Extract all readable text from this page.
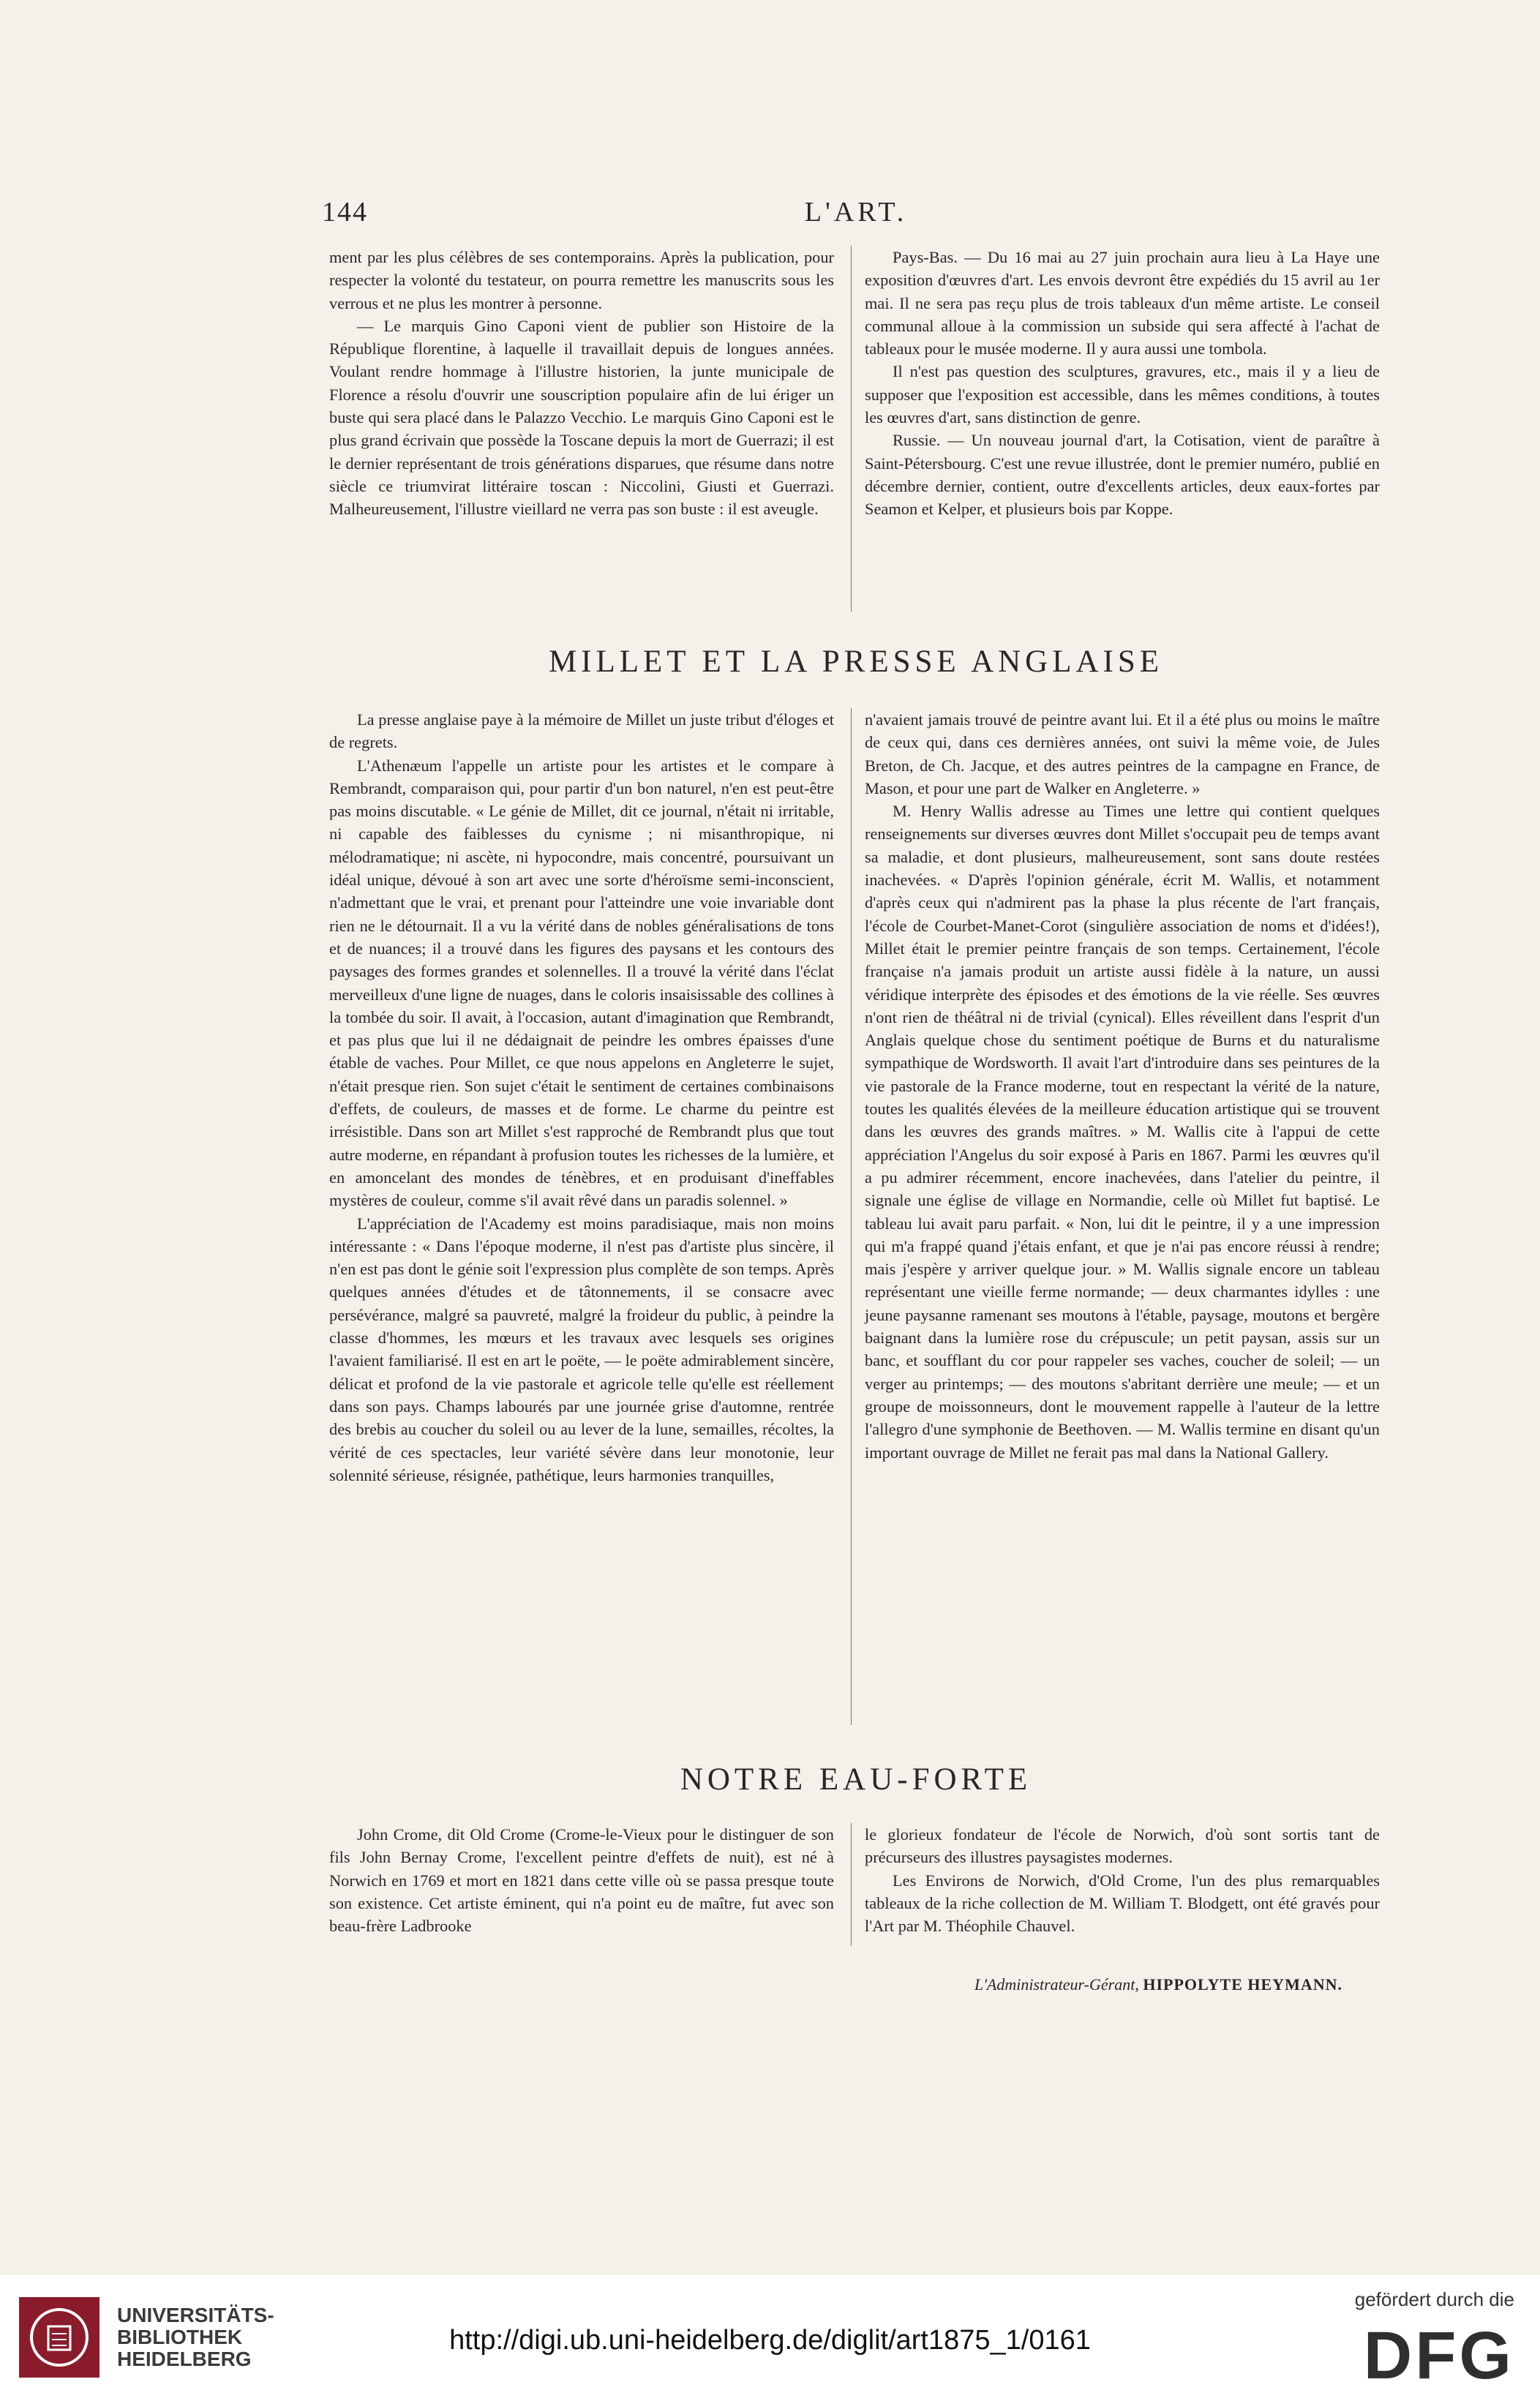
144	L'ART.

ment par les plus célèbres de ses contemporains. Après la publication, pour respecter la volonté du testateur, on pourra remettre les manuscrits sous les verrous et ne plus les montrer à personne.

— Le marquis Gino Caponi vient de publier son Histoire de la République florentine, à laquelle il travaillait depuis de longues années. Voulant rendre hommage à l'illustre historien, la junte municipale de Florence a résolu d'ouvrir une souscription populaire afin de lui ériger un buste qui sera placé dans le Palazzo Vecchio. Le marquis Gino Caponi est le plus grand écrivain que possède la Toscane depuis la mort de Guerrazi; il est le dernier représentant de trois générations disparues, que résume dans notre siècle ce triumvirat littéraire toscan : Niccolini, Giusti et Guerrazi. Malheureusement, l'illustre vieillard ne verra pas son buste : il est aveugle.

Pays-Bas. — Du 16 mai au 27 juin prochain aura lieu à La Haye une exposition d'œuvres d'art. Les envois devront être expédiés du 15 avril au 1er mai. Il ne sera pas reçu plus de trois tableaux d'un même artiste. Le conseil communal alloue à la commission un subside qui sera affecté à l'achat de tableaux pour le musée moderne. Il y aura aussi une tombola.

Il n'est pas question des sculptures, gravures, etc., mais il y a lieu de supposer que l'exposition est accessible, dans les mêmes conditions, à toutes les œuvres d'art, sans distinction de genre.

Russie. — Un nouveau journal d'art, la Cotisation, vient de paraître à Saint-Pétersbourg. C'est une revue illustrée, dont le premier numéro, publié en décembre dernier, contient, outre d'excellents articles, deux eaux-fortes par Seamon et Kelper, et plusieurs bois par Koppe.

MILLET ET LA PRESSE ANGLAISE

La presse anglaise paye à la mémoire de Millet un juste tribut d'éloges et de regrets.

L'Athenæum l'appelle un artiste pour les artistes et le compare à Rembrandt, comparaison qui, pour partir d'un bon naturel, n'en est peut-être pas moins discutable. « Le génie de Millet, dit ce journal, n'était ni irritable, ni capable des faiblesses du cynisme ; ni misanthropique, ni mélodramatique; ni ascète, ni hypocondre, mais concentré, poursuivant un idéal unique, dévoué à son art avec une sorte d'héroïsme semi-inconscient, n'admettant que le vrai, et prenant pour l'atteindre une voie invariable dont rien ne le détournait. Il a vu la vérité dans de nobles généralisations de tons et de nuances; il a trouvé dans les figures des paysans et les contours des paysages des formes grandes et solennelles. Il a trouvé la vérité dans l'éclat merveilleux d'une ligne de nuages, dans le coloris insaisissable des collines à la tombée du soir. Il avait, à l'occasion, autant d'imagination que Rembrandt, et pas plus que lui il ne dédaignait de peindre les ombres épaisses d'une étable de vaches. Pour Millet, ce que nous appelons en Angleterre le sujet, n'était presque rien. Son sujet c'était le sentiment de certaines combinaisons d'effets, de couleurs, de masses et de forme. Le charme du peintre est irrésistible. Dans son art Millet s'est rapproché de Rembrandt plus que tout autre moderne, en répandant à profusion toutes les richesses de la lumière, et en amoncelant des mondes de ténèbres, et en produisant d'ineffables mystères de couleur, comme s'il avait rêvé dans un paradis solennel. »

L'appréciation de l'Academy est moins paradisiaque, mais non moins intéressante : « Dans l'époque moderne, il n'est pas d'artiste plus sincère, il n'en est pas dont le génie soit l'expression plus complète de son temps. Après quelques années d'études et de tâtonnements, il se consacre avec persévérance, malgré sa pauvreté, malgré la froideur du public, à peindre la classe d'hommes, les mœurs et les travaux avec lesquels ses origines l'avaient familiarisé. Il est en art le poëte, — le poëte admirablement sincère, délicat et profond de la vie pastorale et agricole telle qu'elle est réellement dans son pays. Champs labourés par une journée grise d'automne, rentrée des brebis au coucher du soleil ou au lever de la lune, semailles, récoltes, la vérité de ces spectacles, leur variété sévère dans leur monotonie, leur solennité sérieuse, résignée, pathétique, leurs harmonies tranquilles,

n'avaient jamais trouvé de peintre avant lui. Et il a été plus ou moins le maître de ceux qui, dans ces dernières années, ont suivi la même voie, de Jules Breton, de Ch. Jacque, et des autres peintres de la campagne en France, de Mason, et pour une part de Walker en Angleterre. »

M. Henry Wallis adresse au Times une lettre qui contient quelques renseignements sur diverses œuvres dont Millet s'occupait peu de temps avant sa maladie, et dont plusieurs, malheureusement, sont sans doute restées inachevées. « D'après l'opinion générale, écrit M. Wallis, et notamment d'après ceux qui n'admirent pas la phase la plus récente de l'art français, l'école de Courbet-Manet-Corot (singulière association de noms et d'idées!), Millet était le premier peintre français de son temps. Certainement, l'école française n'a jamais produit un artiste aussi fidèle à la nature, un aussi véridique interprète des épisodes et des émotions de la vie réelle. Ses œuvres n'ont rien de théâtral ni de trivial (cynical). Elles réveillent dans l'esprit d'un Anglais quelque chose du sentiment poétique de Burns et du naturalisme sympathique de Wordsworth. Il avait l'art d'introduire dans ses peintures de la vie pastorale de la France moderne, tout en respectant la vérité de la nature, toutes les qualités élevées de la meilleure éducation artistique qui se trouvent dans les œuvres des grands maîtres. » M. Wallis cite à l'appui de cette appréciation l'Angelus du soir exposé à Paris en 1867. Parmi les œuvres qu'il a pu admirer récemment, encore inachevées, dans l'atelier du peintre, il signale une église de village en Normandie, celle où Millet fut baptisé. Le tableau lui avait paru parfait. « Non, lui dit le peintre, il y a une impression qui m'a frappé quand j'étais enfant, et que je n'ai pas encore réussi à rendre; mais j'espère y arriver quelque jour. » M. Wallis signale encore un tableau représentant une vieille ferme normande; — deux charmantes idylles : une jeune paysanne ramenant ses moutons à l'étable, paysage, moutons et bergère baignant dans la lumière rose du crépuscule; un petit paysan, assis sur un banc, et soufflant du cor pour rappeler ses vaches, coucher de soleil; — un verger au printemps; — des moutons s'abritant derrière une meule; — et un groupe de moissonneurs, dont le mouvement rappelle à l'auteur de la lettre l'allegro d'une symphonie de Beethoven. — M. Wallis termine en disant qu'un important ouvrage de Millet ne ferait pas mal dans la National Gallery.

NOTRE EAU-FORTE

John Crome, dit Old Crome (Crome-le-Vieux pour le distinguer de son fils John Bernay Crome, l'excellent peintre d'effets de nuit), est né à Norwich en 1769 et mort en 1821 dans cette ville où se passa presque toute son existence. Cet artiste éminent, qui n'a point eu de maître, fut avec son beau-frère Ladbrooke

le glorieux fondateur de l'école de Norwich, d'où sont sortis tant de précurseurs des illustres paysagistes modernes.

Les Environs de Norwich, d'Old Crome, l'un des plus remarquables tableaux de la riche collection de M. William T. Blodgett, ont été gravés pour l'Art par M. Théophile Chauvel.

L'Administrateur-Gérant, HIPPOLYTE HEYMANN.
UNIVERSITÄTS-
BIBLIOTHEK
HEIDELBERG
http://digi.ub.uni-heidelberg.de/diglit/art1875_1/0161
gefördert durch die
DFG
